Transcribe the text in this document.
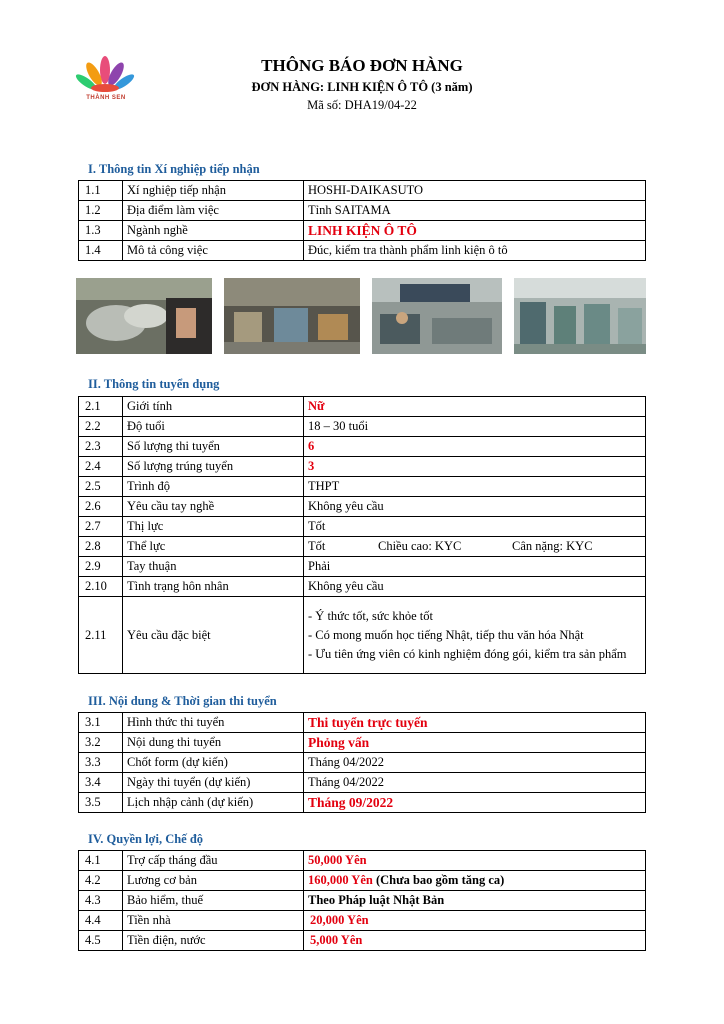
THÀNH SEN
THÔNG BÁO ĐƠN HÀNG
ĐƠN HÀNG: LINH KIỆN Ô TÔ (3 năm)
Mã số: DHA19/04-22
I. Thông tin Xí nghiệp tiếp nhận
1.1	Xí nghiệp tiếp nhận	HOSHI-DAIKASUTO
1.2	Địa điểm làm việc	Tỉnh SAITAMA
1.3	Ngành nghề	LINH KIỆN Ô TÔ
1.4	Mô tả công việc	Đúc, kiểm tra thành phẩm linh kiện ô tô
II. Thông tin tuyển dụng
2.1	Giới tính	Nữ
2.2	Độ tuổi	18 – 30 tuổi
2.3	Số lượng thi tuyển	6
2.4	Số lượng trúng tuyển	3
2.5	Trình độ	THPT
2.6	Yêu cầu tay nghề	Không yêu cầu
2.7	Thị lực	Tốt
2.8	Thể lực	Tốt Chiều cao: KYC Cân nặng: KYC
2.9	Tay thuận	Phải
2.10	Tình trạng hôn nhân	Không yêu cầu
2.11	Yêu cầu đặc biệt	- Ý thức tốt, sức khỏe tốt
- Có mong muốn học tiếng Nhật, tiếp thu văn hóa Nhật
- Ưu tiên ứng viên có kinh nghiệm đóng gói, kiểm tra sản phẩm
III. Nội dung & Thời gian thi tuyển
3.1	Hình thức thi tuyển	Thi tuyển trực tuyến
3.2	Nội dung thi tuyển	Phỏng vấn
3.3	Chốt form (dự kiến)	Tháng 04/2022
3.4	Ngày thi tuyển (dự kiến)	Tháng 04/2022
3.5	Lịch nhập cảnh (dự kiến)	Tháng 09/2022
IV. Quyền lợi, Chế độ
4.1	Trợ cấp tháng đầu	50,000 Yên
4.2	Lương cơ bản	160,000 Yên (Chưa bao gồm tăng ca)
4.3	Bảo hiểm, thuế	Theo Pháp luật Nhật Bản
4.4	Tiền nhà	20,000 Yên
4.5	Tiền điện, nước	5,000 Yên
